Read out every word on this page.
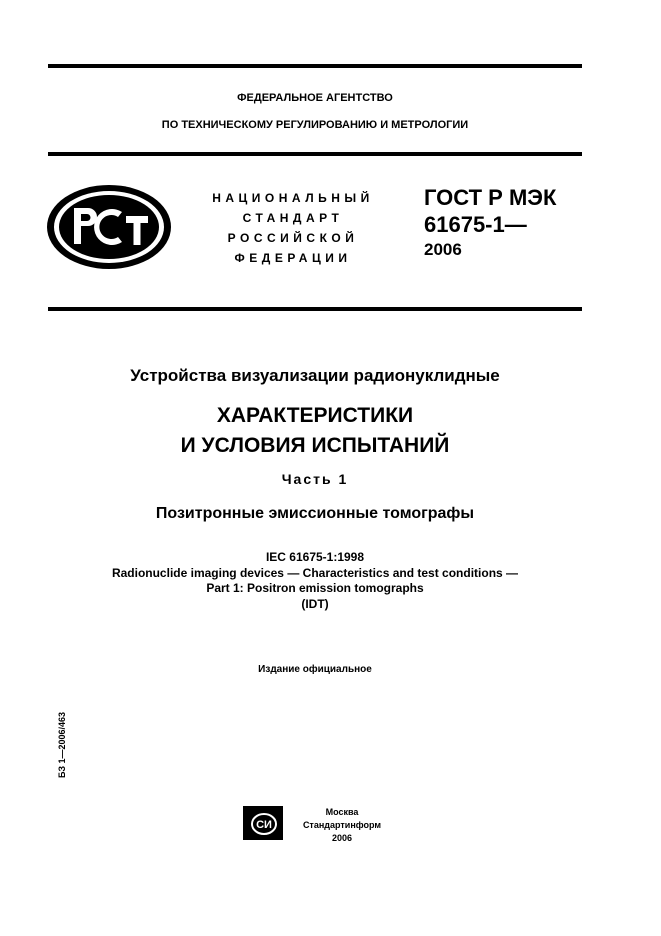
ФЕДЕРАЛЬНОЕ АГЕНТСТВО
ПО ТЕХНИЧЕСКОМУ РЕГУЛИРОВАНИЮ И МЕТРОЛОГИИ
НАЦИОНАЛЬНЫЙ
СТАНДАРТ
РОССИЙСКОЙ
ФЕДЕРАЦИИ
ГОСТ Р МЭК
61675-1—
2006
Устройства визуализации радионуклидные
ХАРАКТЕРИСТИКИ
И УСЛОВИЯ ИСПЫТАНИЙ
Часть 1
Позитронные эмиссионные томографы
IEC 61675-1:1998
Radionuclide imaging devices — Characteristics and test conditions —
Part 1: Positron emission tomographs
(IDT)
Издание официальное
БЗ 1—2006/463
СИ
Москва
Стандартинформ
2006
